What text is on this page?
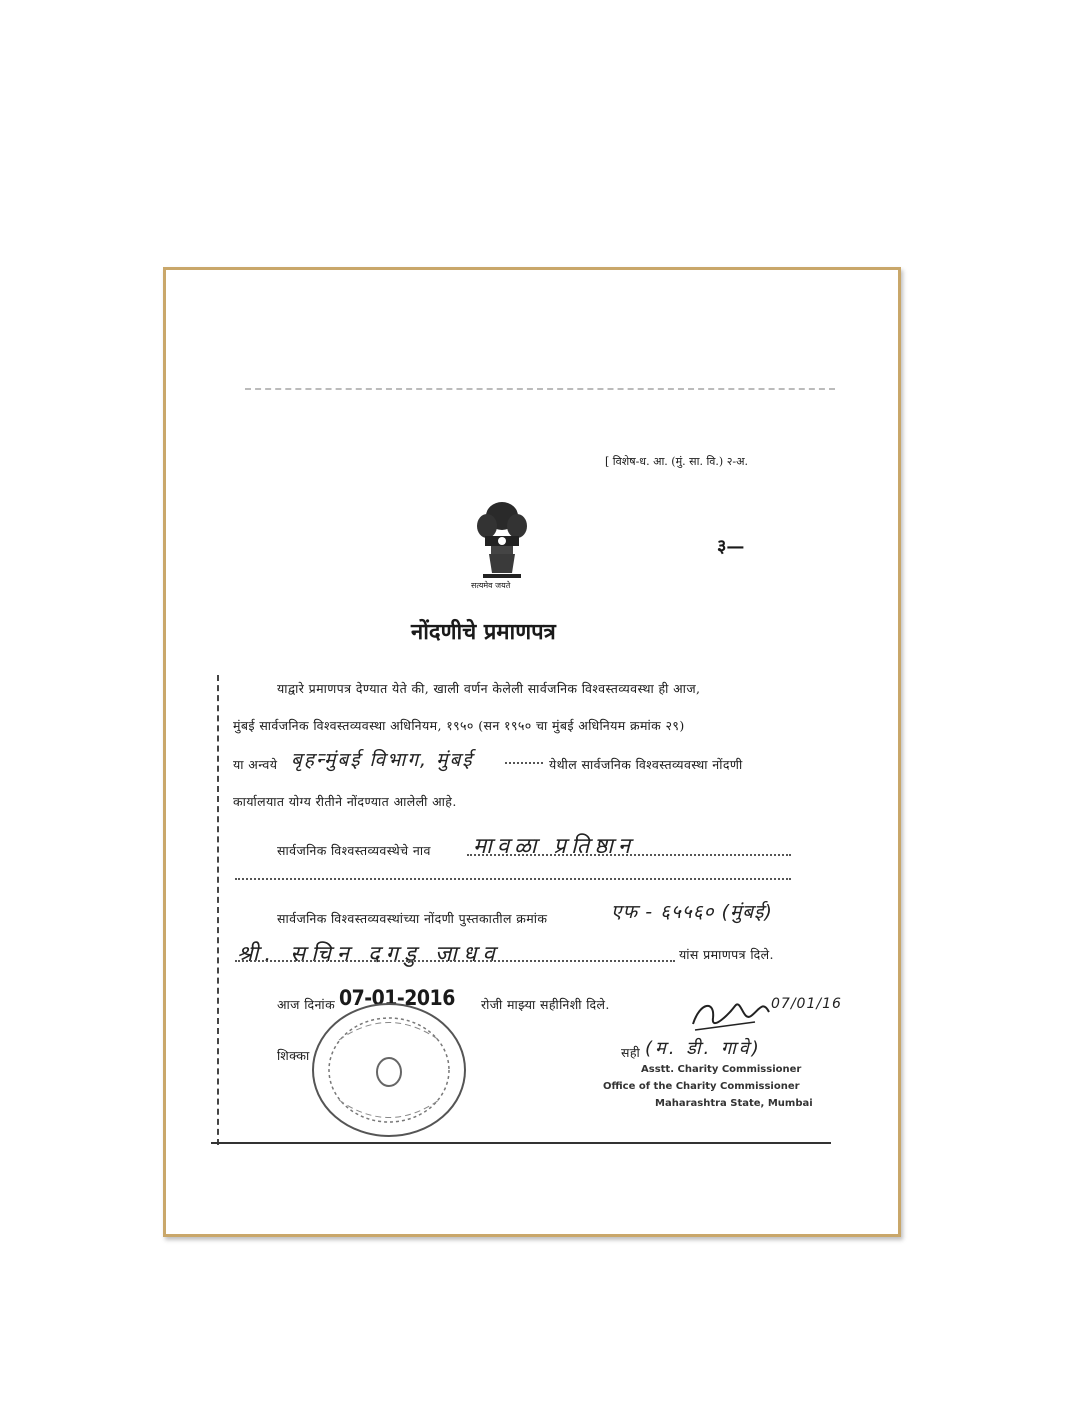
[ विशेष-ध. आ. (मुं. सा. वि.) २-अ.
सत्यमेव जयते
३—
नोंदणीचे प्रमाणपत्र
याद्वारे प्रमाणपत्र देण्यात येते की, खाली वर्णन केलेली सार्वजनिक विश्वस्तव्यवस्था ही आज,
मुंबई सार्वजनिक विश्वस्तव्यवस्था अधिनियम, १९५० (सन १९५० चा मुंबई अधिनियम क्रमांक २९)
या अन्वये बृहन्मुंबई विभाग, मुंबई	येथील सार्वजनिक विश्वस्तव्यवस्था नोंदणी
कार्यालयात योग्य रीतीने नोंदण्यात आलेली आहे.
सार्वजनिक विश्वस्तव्यवस्थेचे नाव मावळा प्रतिष्ठान
सार्वजनिक विश्वस्तव्यवस्थांच्या नोंदणी पुस्तकातील क्रमांक	एफ - ६५५६० (मुंबई)
श्री. सचिन दगडु जाधव	यांस प्रमाणपत्र दिले.
आज दिनांक 07-01-2016 रोजी माझ्या सहीनिशी दिले.
शिक्का
07/01/16
सही (म. डी. गावे)
Asstt. Charity Commissioner
Office of the Charity Commissioner
Maharashtra State, Mumbai
